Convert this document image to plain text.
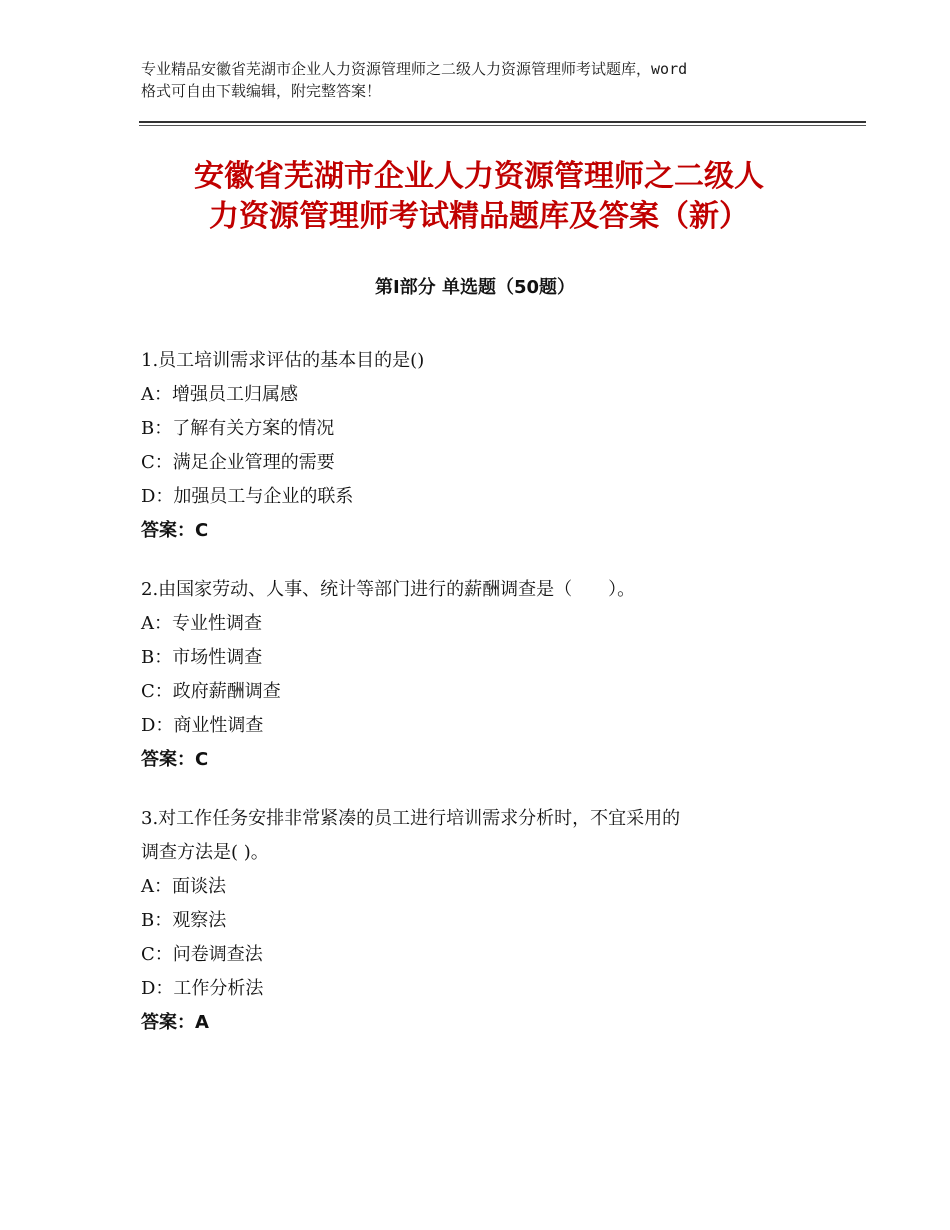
专业精品安徽省芜湖市企业人力资源管理师之二级人力资源管理师考试题库，word
格式可自由下载编辑，附完整答案！
安徽省芜湖市企业人力资源管理师之二级人
力资源管理师考试精品题库及答案（新）
第Ⅰ部分 单选题（50题）
1.员工培训需求评估的基本目的是()
A：增强员工归属感
B：了解有关方案的情况
C：满足企业管理的需要
D：加强员工与企业的联系
答案：C
2.由国家劳动、人事、统计等部门进行的薪酬调查是（　　）。
A：专业性调查
B：市场性调查
C：政府薪酬调查
D：商业性调查
答案：C
3.对工作任务安排非常紧凑的员工进行培训需求分析时，不宜采用的
调查方法是( )。
A：面谈法
B：观察法
C：问卷调查法
D：工作分析法
答案：A
